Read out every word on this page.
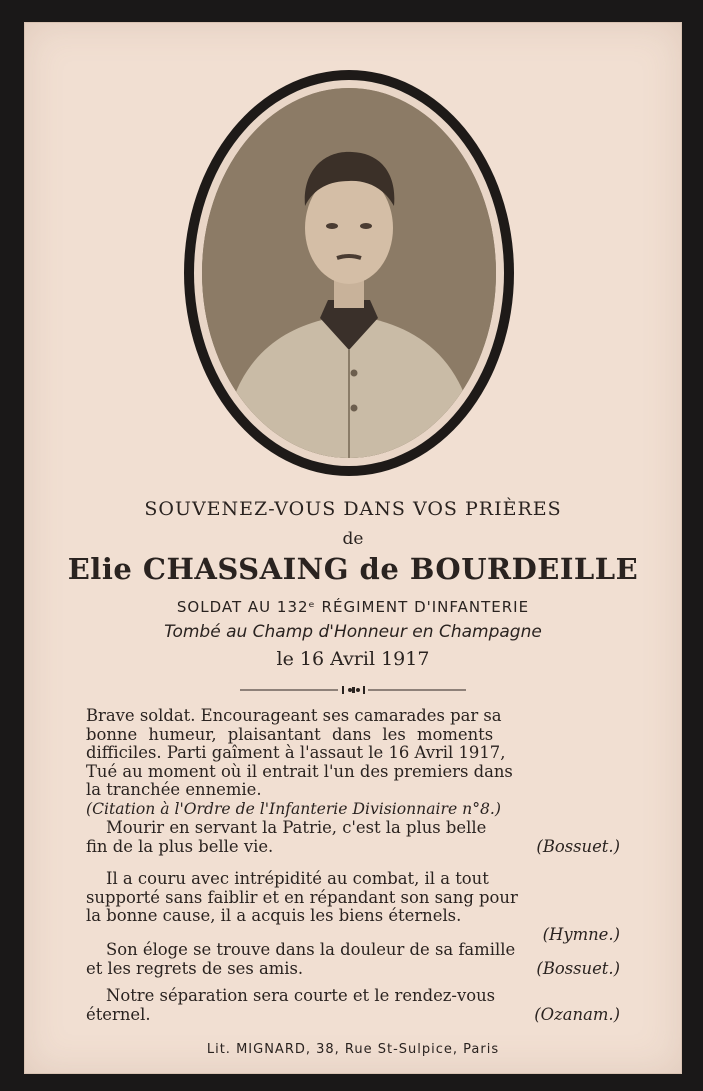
SOUVENEZ-VOUS DANS VOS PRIÈRES
de
Elie CHASSAING de BOURDEILLE
SOLDAT AU 132ᵉ RÉGIMENT D'INFANTERIE
Tombé au Champ d'Honneur en Champagne
le 16 Avril 1917
Brave soldat. Encourageant ses camarades par sa
bonne humeur, plaisantant dans les moments
difficiles. Parti gaîment à l'assaut le 16 Avril 1917,
Tué au moment où il entrait l'un des premiers dans
la tranchée ennemie.
(Citation à l'Ordre de l'Infanterie Divisionnaire n°8.)
Mourir en servant la Patrie, c'est la plus belle
fin de la plus belle vie.	(Bossuet.)
Il a couru avec intrépidité au combat, il a tout
supporté sans faiblir et en répandant son sang pour
la bonne cause, il a acquis les biens éternels.
(Hymne.)
Son éloge se trouve dans la douleur de sa famille
et les regrets de ses amis.	(Bossuet.)
Notre séparation sera courte et le rendez-vous
éternel.	(Ozanam.)
Lit. MIGNARD, 38, Rue St-Sulpice, Paris
